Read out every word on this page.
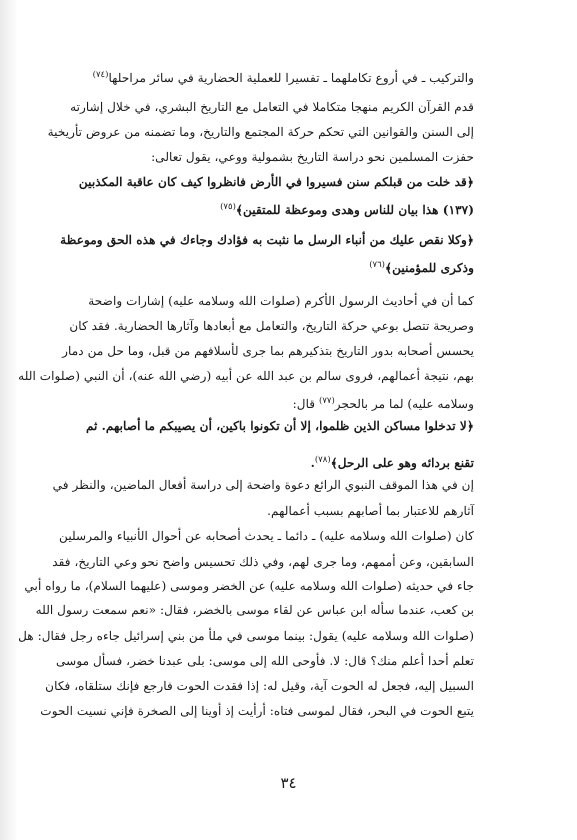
والتركيب ـ في أروع تكاملهما ـ تفسيرا للعملية الحضارية في سائر مراحلها$^{(٧٤)}$
قدم القرآن الكريم منهجا متكاملا في التعامل مع التاريخ البشري، في خلال إشارته
إلى السنن والقوانين التي تحكم حركة المجتمع والتاريخ، وما تضمنه من عروض تأريخية
حفزت المسلمين نحو دراسة التاريخ بشمولية ووعي، يقول تعالى:
﴿قد خلت من قبلكم سنن فسيروا في الأرض فانظروا كيف كان عاقبة المكذبين
(١٣٧) هذا بيان للناس وهدى وموعظة للمتقين﴾$^{(٧٥)}$
﴿وكلا نقص عليك من أنباء الرسل ما نثبت به فؤادك وجاءك في هذه الحق وموعظة
وذكرى للمؤمنين﴾$^{(٧٦)}$
كما أن في أحاديث الرسول الأكرم (صلوات الله وسلامه عليه) إشارات واضحة
وصريحة تتصل بوعي حركة التاريخ، والتعامل مع أبعادها وآثارها الحضارية. فقد كان
يحسس أصحابه بدور التاريخ بتذكيرهم بما جرى لأسلافهم من قبل، وما حل من دمار
بهم، نتيجة أعمالهم، فروى سالم بن عبد الله عن أبيه (رضي الله عنه)، أن النبي (صلوات الله
وسلامه عليه) لما مر بالحجر$^{(٧٧)}$ قال:
﴿لا تدخلوا مساكن الذين ظلموا، إلا أن تكونوا باكين، أن يصيبكم ما أصابهم. ثم
تقنع بردائه وهو على الرحل﴾$^{(٧٨)}$.
إن في هذا الموقف النبوي الرائع دعوة واضحة إلى دراسة أفعال الماضين، والنظر في
آثارهم للاعتبار بما أصابهم بسبب أعمالهم.
كان (صلوات الله وسلامه عليه) ـ دائما ـ يحدث أصحابه عن أحوال الأنبياء والمرسلين
السابقين، وعن أممهم، وما جرى لهم، وفي ذلك تحسيس واضح نحو وعي التاريخ، فقد
جاء في حديثه (صلوات الله وسلامه عليه) عن الخضر وموسى (عليهما السلام)، ما رواه أبي
بن كعب، عندما سأله ابن عباس عن لقاء موسى بالخضر، فقال: «نعم سمعت رسول الله
(صلوات الله وسلامه عليه) يقول: بينما موسى في ملأ من بني إسرائيل جاءه رجل فقال: هل
تعلم أحدا أعلم منك؟ قال: لا. فأوحى الله إلى موسى: بلى عبدنا خضر، فسأل موسى
السبيل إليه، فجعل له الحوت آية، وقيل له: إذا فقدت الحوت فارجع فإنك ستلقاه، فكان
يتبع الحوت في البحر، فقال لموسى فتاه: أرأيت إذ أوينا إلى الصخرة فإني نسيت الحوت
٣٤
